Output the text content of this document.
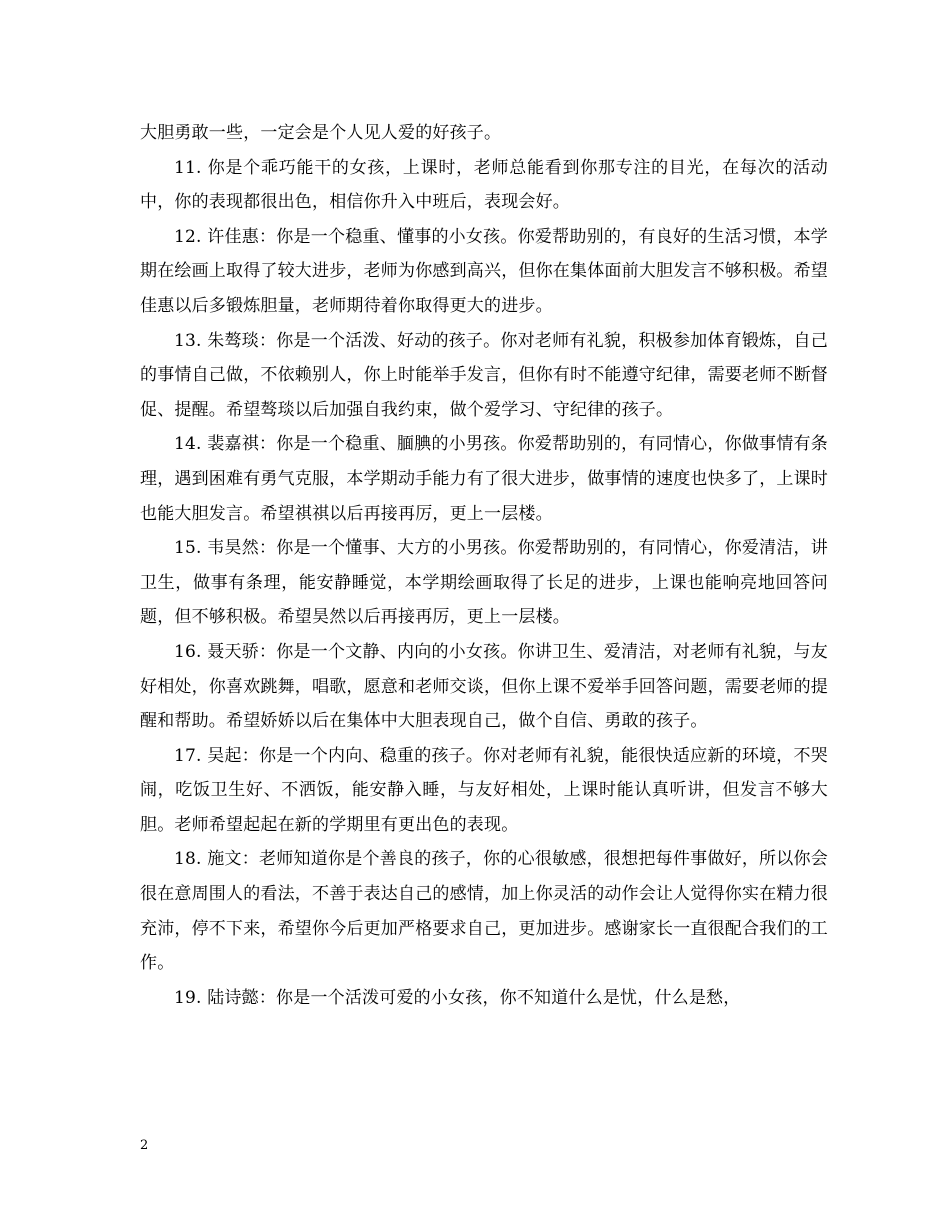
大胆勇敢一些，一定会是个人见人爱的好孩子。

11. 你是个乖巧能干的女孩，上课时，老师总能看到你那专注的目光，在每次的活动中，你的表现都很出色，相信你升入中班后，表现会好。

12. 许佳惠：你是一个稳重、懂事的小女孩。你爱帮助别的，有良好的生活习惯，本学期在绘画上取得了较大进步，老师为你感到高兴，但你在集体面前大胆发言不够积极。希望佳惠以后多锻炼胆量，老师期待着你取得更大的进步。

13. 朱骜琰：你是一个活泼、好动的孩子。你对老师有礼貌，积极参加体育锻炼，自己的事情自己做，不依赖别人，你上时能举手发言，但你有时不能遵守纪律，需要老师不断督促、提醒。希望骜琰以后加强自我约束，做个爱学习、守纪律的孩子。

14. 裴嘉祺：你是一个稳重、腼腆的小男孩。你爱帮助别的，有同情心，你做事情有条理，遇到困难有勇气克服，本学期动手能力有了很大进步，做事情的速度也快多了，上课时也能大胆发言。希望祺祺以后再接再厉，更上一层楼。

15. 韦昊然：你是一个懂事、大方的小男孩。你爱帮助别的，有同情心，你爱清洁，讲卫生，做事有条理，能安静睡觉，本学期绘画取得了长足的进步，上课也能响亮地回答问题，但不够积极。希望昊然以后再接再厉，更上一层楼。

16. 聂天骄：你是一个文静、内向的小女孩。你讲卫生、爱清洁，对老师有礼貌，与友好相处，你喜欢跳舞，唱歌，愿意和老师交谈，但你上课不爱举手回答问题，需要老师的提醒和帮助。希望娇娇以后在集体中大胆表现自己，做个自信、勇敢的孩子。

17. 吴起：你是一个内向、稳重的孩子。你对老师有礼貌，能很快适应新的环境，不哭闹，吃饭卫生好、不洒饭，能安静入睡，与友好相处，上课时能认真听讲，但发言不够大胆。老师希望起起在新的学期里有更出色的表现。

18. 施文：老师知道你是个善良的孩子，你的心很敏感，很想把每件事做好，所以你会很在意周围人的看法，不善于表达自己的感情，加上你灵活的动作会让人觉得你实在精力很充沛，停不下来，希望你今后更加严格要求自己，更加进步。感谢家长一直很配合我们的工作。

19. 陆诗懿：你是一个活泼可爱的小女孩，你不知道什么是忧，什么是愁，

2
